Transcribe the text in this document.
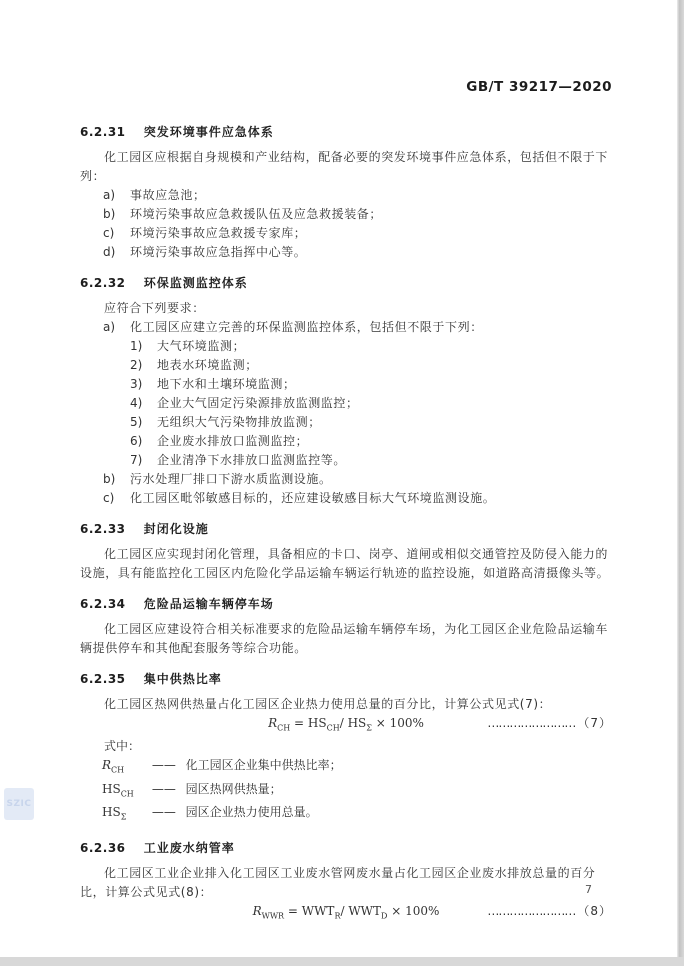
GB/T 39217—2020
6.2.31 突发环境事件应急体系

化工园区应根据自身规模和产业结构，配备必要的突发环境事件应急体系，包括但不限于下列：

a)	事故应急池；
b)	环境污染事故应急救援队伍及应急救援装备；
c)	环境污染事故应急救援专家库；
d)	环境污染事故应急指挥中心等。
6.2.32 环保监测监控体系

应符合下列要求：

a)	化工园区应建立完善的环保监测监控体系，包括但不限于下列：
1)	大气环境监测；
2)	地表水环境监测；
3)	地下水和土壤环境监测；
4)	企业大气固定污染源排放监测监控；
5)	无组织大气污染物排放监测；
6)	企业废水排放口监测监控；
7)	企业清净下水排放口监测监控等。
b)	污水处理厂排口下游水质监测设施。
c)	化工园区毗邻敏感目标的，还应建设敏感目标大气环境监测设施。
6.2.33 封闭化设施

化工园区应实现封闭化管理，具备相应的卡口、岗亭、道闸或相似交通管控及防侵入能力的设施，具有能监控化工园区内危险化学品运输车辆运行轨迹的监控设施，如道路高清摄像头等。

6.2.34 危险品运输车辆停车场

化工园区应建设符合相关标准要求的危险品运输车辆停车场，为化工园区企业危险品运输车辆提供停车和其他配套服务等综合功能。

6.2.35 集中供热比率

化工园区热网供热量占化工园区企业热力使用总量的百分比，计算公式见式(7)：

$R_{CH} = HS_{CH}/$ $HS_\Sigma \times 100\%$	…………………… （7）

式中：

$R_{CH}$ —— 化工园区企业集中供热比率；
$HS_{CH}$ —— 园区热网供热量；
$HS_\Sigma$ —— 园区企业热力使用总量。
6.2.36 工业废水纳管率

化工园区工业企业排入化工园区工业废水管网废水量占化工园区企业废水排放总量的百分比，计算公式见式(8)：

$R_{WWR} = WWT_R/$ $WWT_D \times 100\%$	…………………… （8）
SZIC
7
